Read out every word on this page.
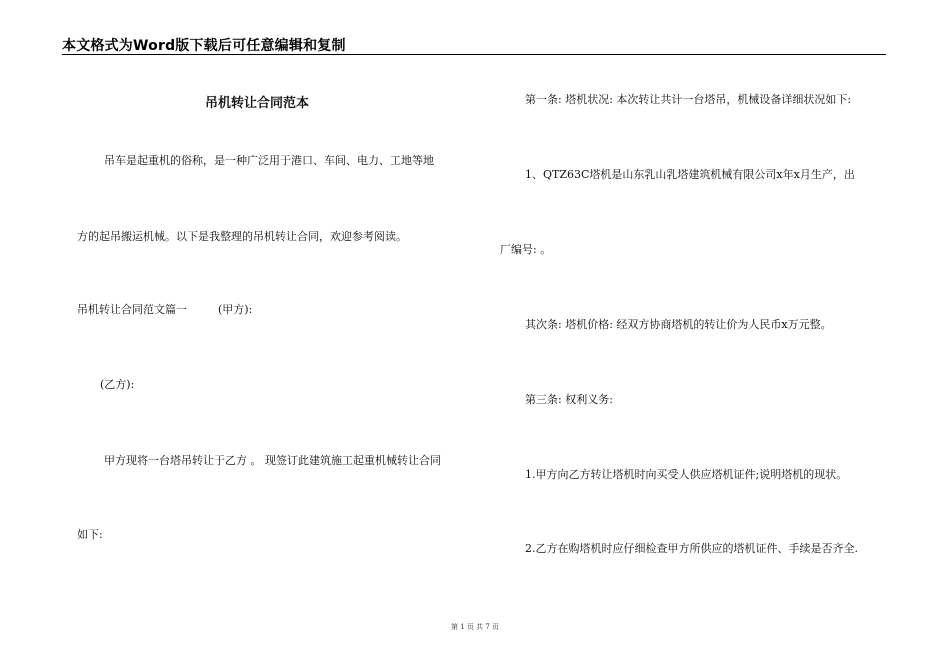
本文格式为Word版下载后可任意编辑和复制
吊机转让合同范本
吊车是起重机的俗称，是一种广泛用于港口、车间、电力、工地等地
方的起吊搬运机械。以下是我整理的吊机转让合同，欢迎参考阅读。
吊机转让合同范文篇一	(甲方):
(乙方):
甲方现将一台塔吊转让于乙方 。 现签订此建筑施工起重机械转让合同
如下:
第一条: 塔机状况: 本次转让共计一台塔吊，机械设备详细状况如下:
1、QTZ63C塔机是山东乳山乳塔建筑机械有限公司x年x月生产，出
厂编号: 。
其次条: 塔机价格: 经双方协商塔机的转让价为人民币x万元整。
第三条: 权利义务:
1.甲方向乙方转让塔机时向买受人供应塔机证件;说明塔机的现状。
2.乙方在购塔机时应仔细检查甲方所供应的塔机证件、手续是否齐全.
第 1 页 共 7 页
